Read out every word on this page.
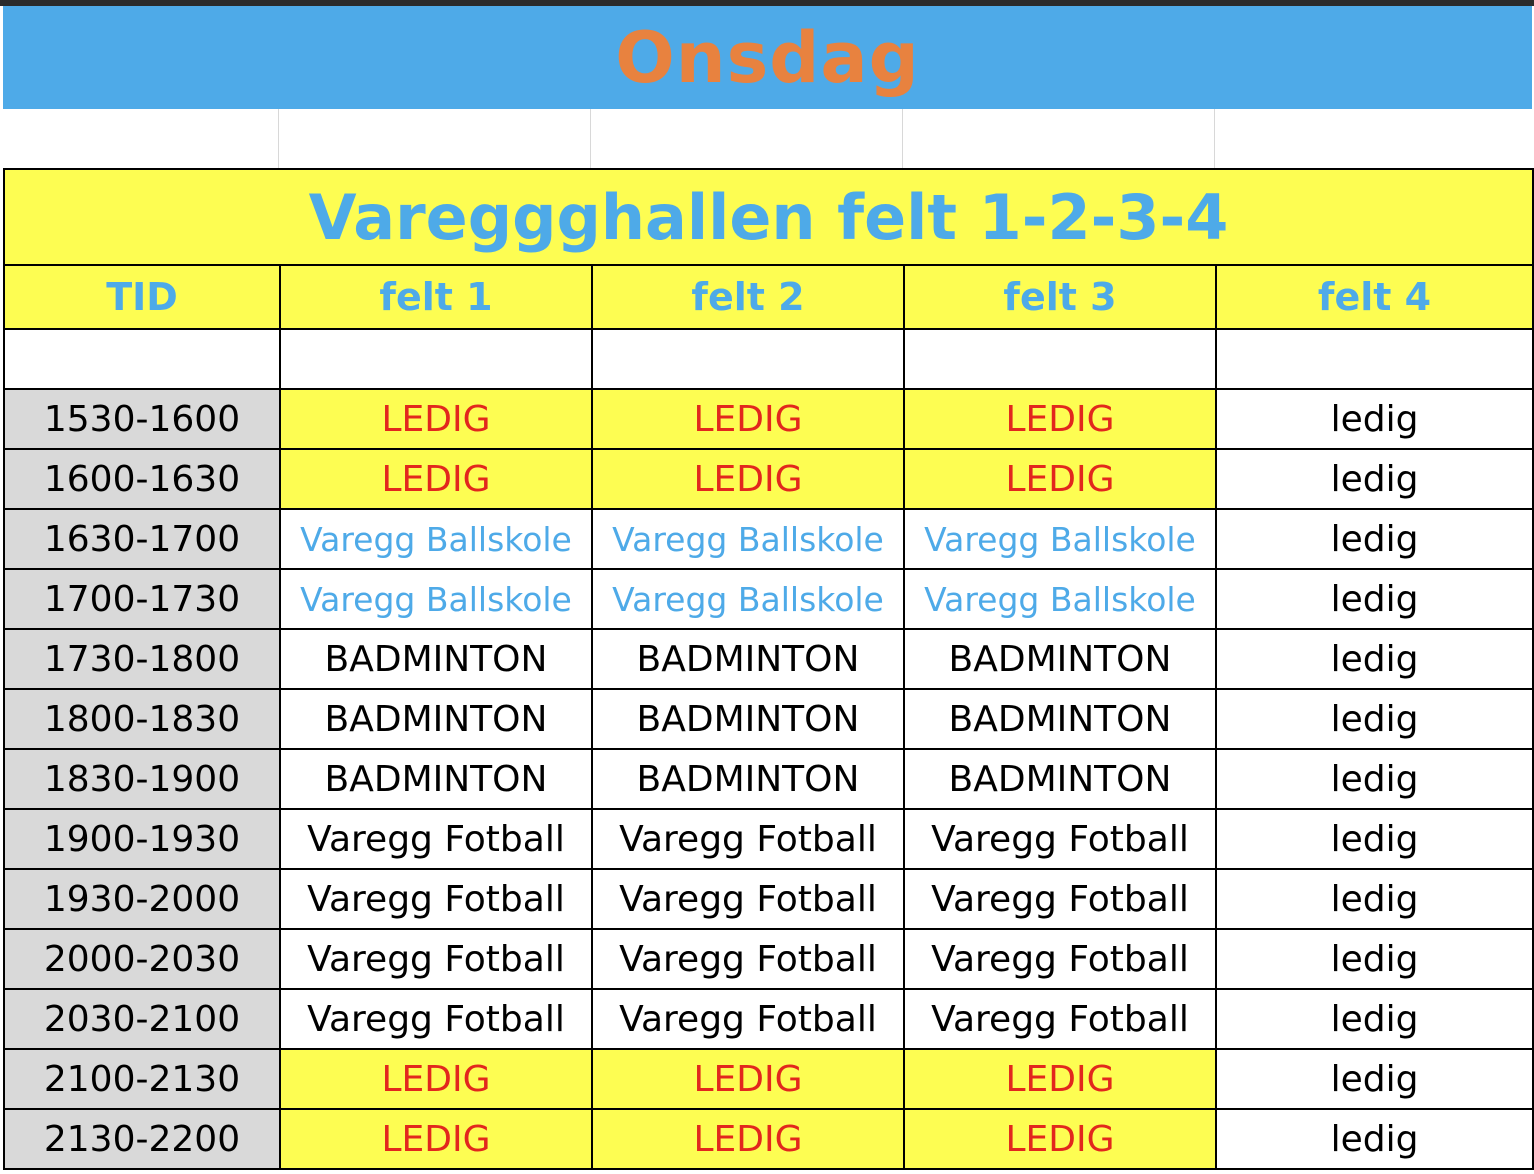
Onsdag
Vareggghallen felt 1-2-3-4				
TID	felt 1	felt 2	felt 3	felt 4

1530-1600	LEDIG	LEDIG	LEDIG	ledig
1600-1630	LEDIG	LEDIG	LEDIG	ledig
1630-1700	Varegg Ballskole	Varegg Ballskole	Varegg Ballskole	ledig
1700-1730	Varegg Ballskole	Varegg Ballskole	Varegg Ballskole	ledig
1730-1800	BADMINTON	BADMINTON	BADMINTON	ledig
1800-1830	BADMINTON	BADMINTON	BADMINTON	ledig
1830-1900	BADMINTON	BADMINTON	BADMINTON	ledig
1900-1930	Varegg Fotball	Varegg Fotball	Varegg Fotball	ledig
1930-2000	Varegg Fotball	Varegg Fotball	Varegg Fotball	ledig
2000-2030	Varegg Fotball	Varegg Fotball	Varegg Fotball	ledig
2030-2100	Varegg Fotball	Varegg Fotball	Varegg Fotball	ledig
2100-2130	LEDIG	LEDIG	LEDIG	ledig
2130-2200	LEDIG	LEDIG	LEDIG	ledig
